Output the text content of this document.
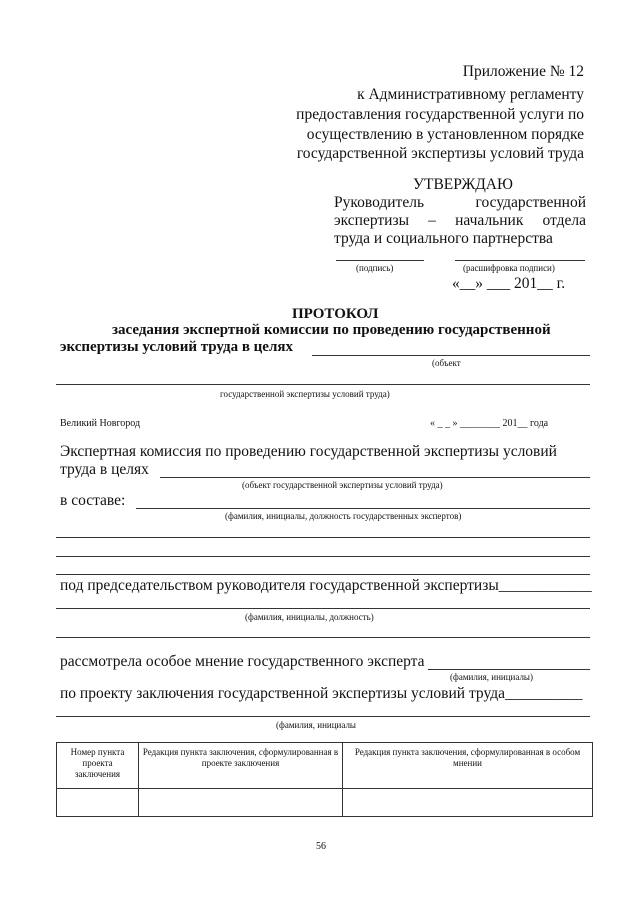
Приложение № 12
к Административному регламенту
предоставления государственной услуги по
осуществлению в установленном порядке
государственной экспертизы условий труда
УТВЕРЖДАЮ
Руководитель	государственной
экспертизы – начальник отдела
труда и социального партнерства
(подпись)	(расшифровка подписи)
«__» ___ 201__ г.
ПРОТОКОЛ
заседания экспертной комиссии по проведению государственной
экспертизы условий труда в целях
(объект
государственной экспертизы условий труда)
Великий Новгород	« _ _ » ________ 201__ года
Экспертная комиссия по проведению государственной экспертизы условий
труда в целях
(объект государственной экспертизы условий труда)
в составе:
(фамилия, инициалы, должность государственных экспертов)
под председательством руководителя государственной экспертизы____________
(фамилия, инициалы, должность)
рассмотрела особое мнение государственного эксперта
(фамилия, инициалы)
по проекту заключения государственной экспертизы условий труда__________
(фамилия, инициалы
Номер пункта проекта заключения	Редакция пункта заключения, сформулированная в проекте заключения	Редакция пункта заключения, сформулированная в особом мнении

56
